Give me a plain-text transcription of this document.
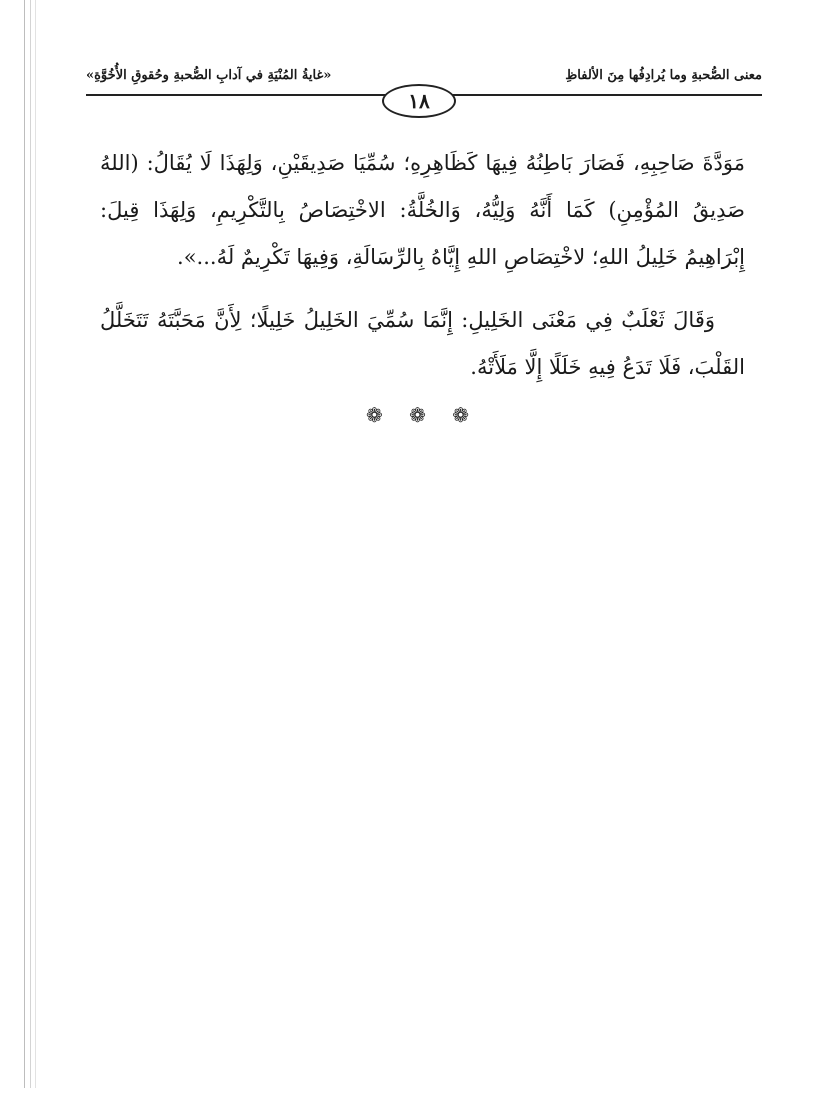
معنى الصُّحبةِ وما يُرادِفُها مِنَ الألفاظِ
«غايةُ المُنْيَةِ في آدابِ الصُّحبةِ وحُقوقِ الأُخُوَّةِ»
١٨

مَوَدَّةَ صَاحِبِهِ، فَصَارَ بَاطِنُهُ فِيهَا كَظَاهِرِهِ؛ سُمِّيَا صَدِيقَيْنِ، وَلِهَذَا لَا يُقَالُ: (اللهُ صَدِيقُ المُؤْمِنِ) كَمَا أَنَّهُ وَلِيُّهُ، وَالخُلَّةُ: الاخْتِصَاصُ بِالتَّكْرِيمِ، وَلِهَذَا قِيلَ: إِبْرَاهِيمُ خَلِيلُ اللهِ؛ لاخْتِصَاصِ اللهِ إِيَّاهُ بِالرِّسَالَةِ، وَفِيهَا تَكْرِيمٌ لَهُ...».

وَقَالَ ثَعْلَبٌ فِي مَعْنَى الخَلِيلِ: إِنَّمَا سُمِّيَ الخَلِيلُ خَلِيلًا؛ لِأَنَّ مَحَبَّتَهُ تَتَخَلَّلُ القَلْبَ، فَلَا تَدَعُ فِيهِ خَلَلًا إِلَّا مَلَأَتْهُ.

❁ ❁ ❁
